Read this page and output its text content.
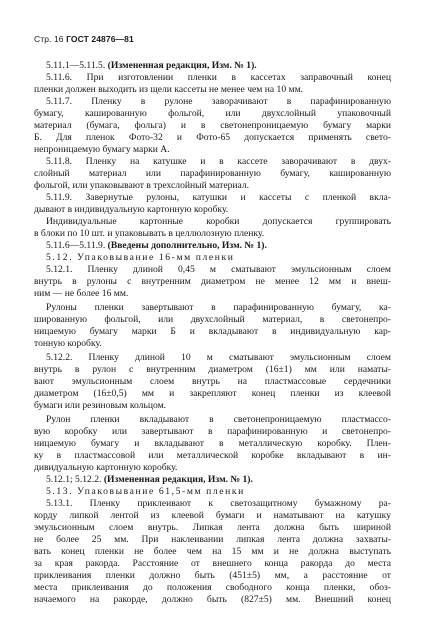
Стр. 16 ГОСТ 24876—81
5.11.1—5.11.5. (Измененная редакция, Изм. № 1).
5.11.6. При изготовлении пленки в кассетах заправочный конец
пленки должен выходить из щели кассеты не менее чем на 10 мм.
5.11.7. Пленку в рулоне заворачивают в парафинированную
бумагу, кашированную фольгой, или двухслойный упаковочный
материал (бумага, фольга) и в светонепроницаемую бумагу марки
Б. Для пленок Фото-32 и Фото-65 допускается применять свето-
непроницаемую бумагу марки А.
5.11.8. Пленку на катушке и в кассете заворачивают в двух-
слойный материал или парафинированную бумагу, кашированную
фольгой, или упаковывают в трехслойный материал.
5.11.9. Завернутые рулоны, катушки и кассеты с пленкой вкла-
дывают в индивидуальную картонную коробку.
Индивидуальные картонные коробки допускается группировать
в блоки по 10 шт. и упаковывать в целлюлозную пленку.
5.11.6—5.11.9. (Введены дополнительно, Изм. № 1).
5.12. Упаковывание 16-мм пленки
5.12.1. Пленку длиной 0,45 м сматывают эмульсионным слоем
внутрь в рулоны с внутренним диаметром не менее 12 мм и внеш-
ним — не более 16 мм.
Рулоны пленки завертывают в парафинированную бумагу, ка-
шированную фольгой, или двухслойный материал, в светонепро-
ницаемую бумагу марки Б и вкладывают в индивидуальную кар-
тонную коробку.
5.12.2. Пленку длиной 10 м сматывают эмульсионным слоем
внутрь в рулон с внутренним диаметром (16±1) мм или наматы-
вают эмульсионным слоем внутрь на пластмассовые сердечники
диаметром (16±0,5) мм и закрепляют конец пленки из клеевой
бумаги или резиновым кольцом.
Рулон пленки вкладывают в светонепроницаемую пластмассо-
вую коробку или завертывают в парафинированную и светонепро-
ницаемую бумагу и вкладывают в металлическую коробку. Плен-
ку в пластмассовой или металлической коробке вкладывают в ин-
дивидуальную картонную коробку.
5.12.1; 5.12.2. (Измененная редакция, Изм. № 1).
5.13. Упаковывание 61,5-мм пленки
5.13.1. Пленку приклеивают к светозащитному бумажному ра-
корду липкой лентой из клеевой бумаги и наматывают на катушку
эмульсионным слоем внутрь. Липкая лента должна быть шириной
не более 25 мм. При наклеивании липкая лента должна захваты-
вать конец пленки не более чем на 15 мм и не должна выступать
за края ракорда. Расстояние от внешнего конца ракорда до места
приклеивания пленки должно быть (451±5) мм, а расстояние от
места приклеивания до положения свободного конца пленки, обоз-
начаемого на ракорде, должно быть (827±5) мм. Внешний конец
